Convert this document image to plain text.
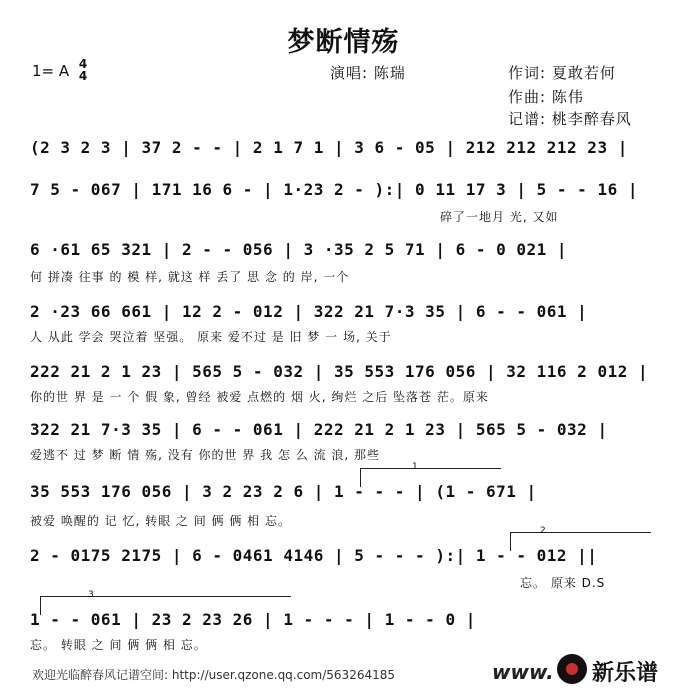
梦断情殇
1= A 4
4	演唱: 陈瑞	作词: 夏敢若何
作曲: 陈伟
记谱: 桃李醉春风
(2 3 2 3 | 37 2 - - | 2 1 7 1 | 3 6 - 05 | 212 212 212 23 |
7 5 - 067 | 171 16 6 - | 1·23 2 - ):| 0 11 17 3 | 5 - - 16 |
碎了一地月 光, 又如
6 ·61 65 321 | 2 - - 056 | 3 ·35 2 5 71 | 6 - 0 021 |
何 拼凑 往事 的 模 样, 就这 样 丢了 思 念 的 岸, 一个
2 ·23 66 661 | 12 2 - 012 | 322 21 7·3 35 | 6 - - 061 |
人 从此 学会 哭泣着 坚强。 原来 爱不过 是 旧 梦 一 场, 关于
222 21 2 1 23 | 565 5 - 032 | 35 553 176 056 | 32 116 2 012 |
你的世 界 是 一 个 假 象, 曾经 被爱 点燃的 烟 火, 绚烂 之后 坠落苍 茫。原来
322 21 7·3 35 | 6 - - 061 | 222 21 2 1 23 | 565 5 - 032 |
爱逃不 过 梦 断 情 殇, 没有 你的世 界 我 怎 么 流 浪, 那些
1
35 553 176 056 | 3 2 23 2 6 | 1 - - - | (1 - 671 |
被爱 唤醒的 记 忆, 转眼 之 间 俩 俩 相 忘。
2
2 - 0175 2175 | 6 - 0461 4146 | 5 - - - ):| 1 - - 012 ||
忘。 原来 D.S
3
1 - - 061 | 23 2 23 26 | 1 - - - | 1 - - 0 |
忘。 转眼 之 间 俩 俩 相 忘。
欢迎光临醉春风记谱空间: http://user.qzone.qq.com/563264185	www. 新乐谱
